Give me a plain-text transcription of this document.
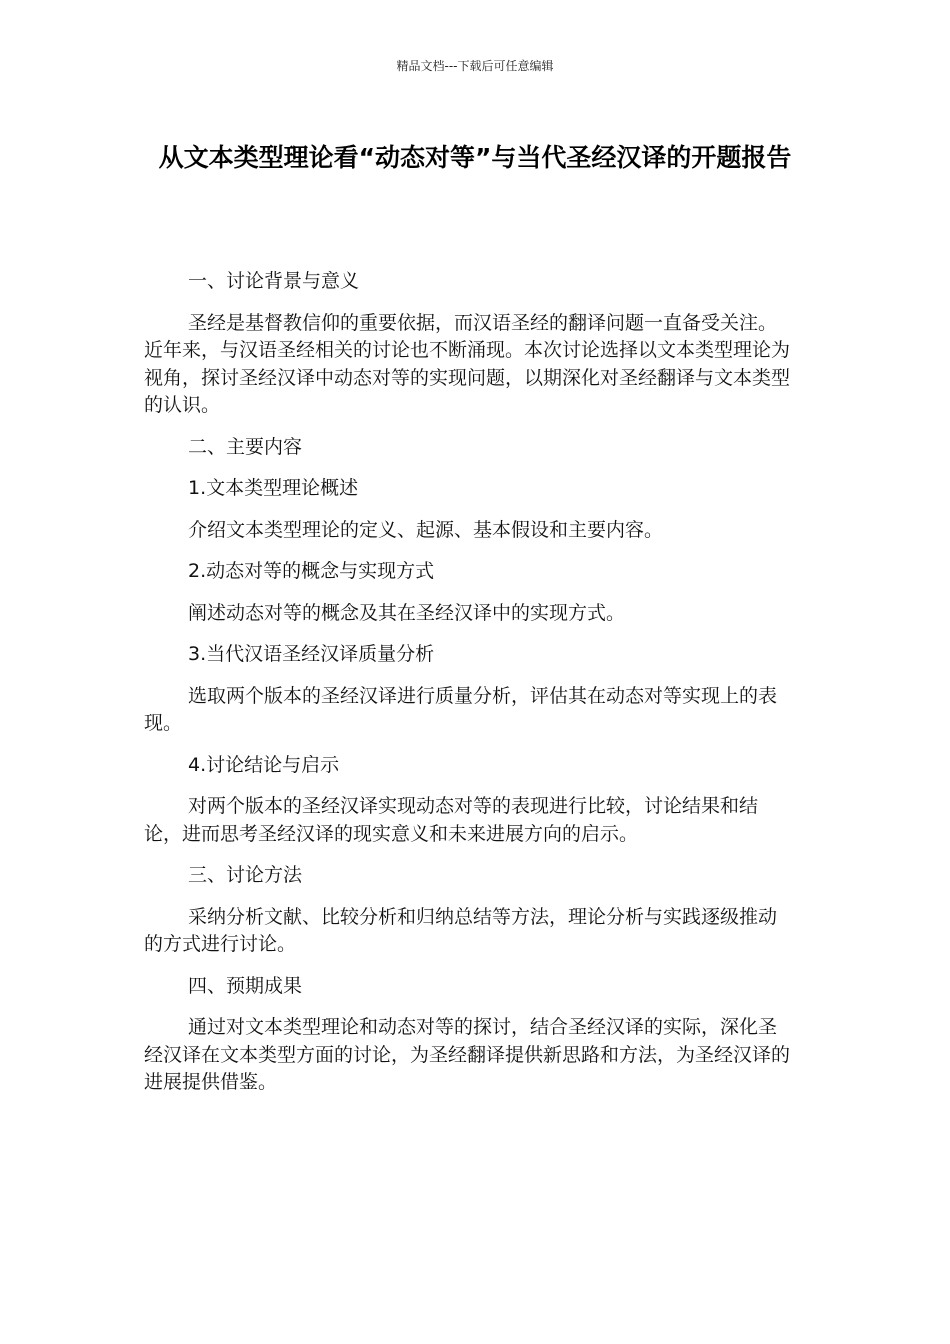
精品文档---下载后可任意编辑
从文本类型理论看“动态对等”与当代圣经汉译的开题报告

一、讨论背景与意义

圣经是基督教信仰的重要依据，而汉语圣经的翻译问题一直备受关注。近年来，与汉语圣经相关的讨论也不断涌现。本次讨论选择以文本类型理论为视角，探讨圣经汉译中动态对等的实现问题，以期深化对圣经翻译与文本类型的认识。

二、主要内容

1.文本类型理论概述

介绍文本类型理论的定义、起源、基本假设和主要内容。

2.动态对等的概念与实现方式

阐述动态对等的概念及其在圣经汉译中的实现方式。

3.当代汉语圣经汉译质量分析

选取两个版本的圣经汉译进行质量分析，评估其在动态对等实现上的表现。

4.讨论结论与启示

对两个版本的圣经汉译实现动态对等的表现进行比较，讨论结果和结论，进而思考圣经汉译的现实意义和未来进展方向的启示。

三、讨论方法

采纳分析文献、比较分析和归纳总结等方法，理论分析与实践逐级推动的方式进行讨论。

四、预期成果

通过对文本类型理论和动态对等的探讨，结合圣经汉译的实际，深化圣经汉译在文本类型方面的讨论，为圣经翻译提供新思路和方法，为圣经汉译的进展提供借鉴。
